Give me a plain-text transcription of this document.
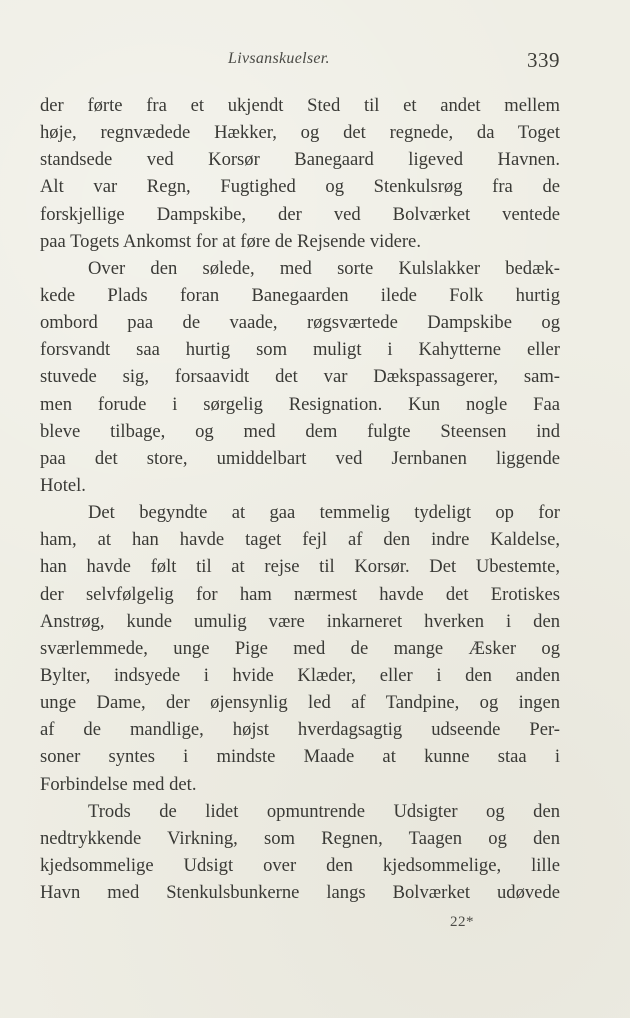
Livsanskuelser.	339
der førte fra et ukjendt Sted til et andet mellem
høje, regnvædede Hækker, og det regnede, da Toget
standsede ved Korsør Banegaard ligeved Havnen.
Alt var Regn, Fugtighed og Stenkulsrøg fra de
forskjellige Dampskibe, der ved Bolværket ventede
paa Togets Ankomst for at føre de Rejsende videre.
Over den sølede, med sorte Kulslakker bedæk-
kede Plads foran Banegaarden ilede Folk hurtig
ombord paa de vaade, røgsværtede Dampskibe og
forsvandt saa hurtig som muligt i Kahytterne eller
stuvede sig, forsaavidt det var Dækspassagerer, sam-
men forude i sørgelig Resignation. Kun nogle Faa
bleve tilbage, og med dem fulgte Steensen ind
paa det store, umiddelbart ved Jernbanen liggende
Hotel.
Det begyndte at gaa temmelig tydeligt op for
ham, at han havde taget fejl af den indre Kaldelse,
han havde følt til at rejse til Korsør. Det Ubestemte,
der selvfølgelig for ham nærmest havde det Erotiskes
Anstrøg, kunde umulig være inkarneret hverken i den
sværlemmede, unge Pige med de mange Æsker og
Bylter, indsyede i hvide Klæder, eller i den anden
unge Dame, der øjensynlig led af Tandpine, og ingen
af de mandlige, højst hverdagsagtig udseende Per-
soner syntes i mindste Maade at kunne staa i
Forbindelse med det.
Trods de lidet opmuntrende Udsigter og den
nedtrykkende Virkning, som Regnen, Taagen og den
kjedsommelige Udsigt over den kjedsommelige, lille
Havn med Stenkulsbunkerne langs Bolværket udøvede
22*
